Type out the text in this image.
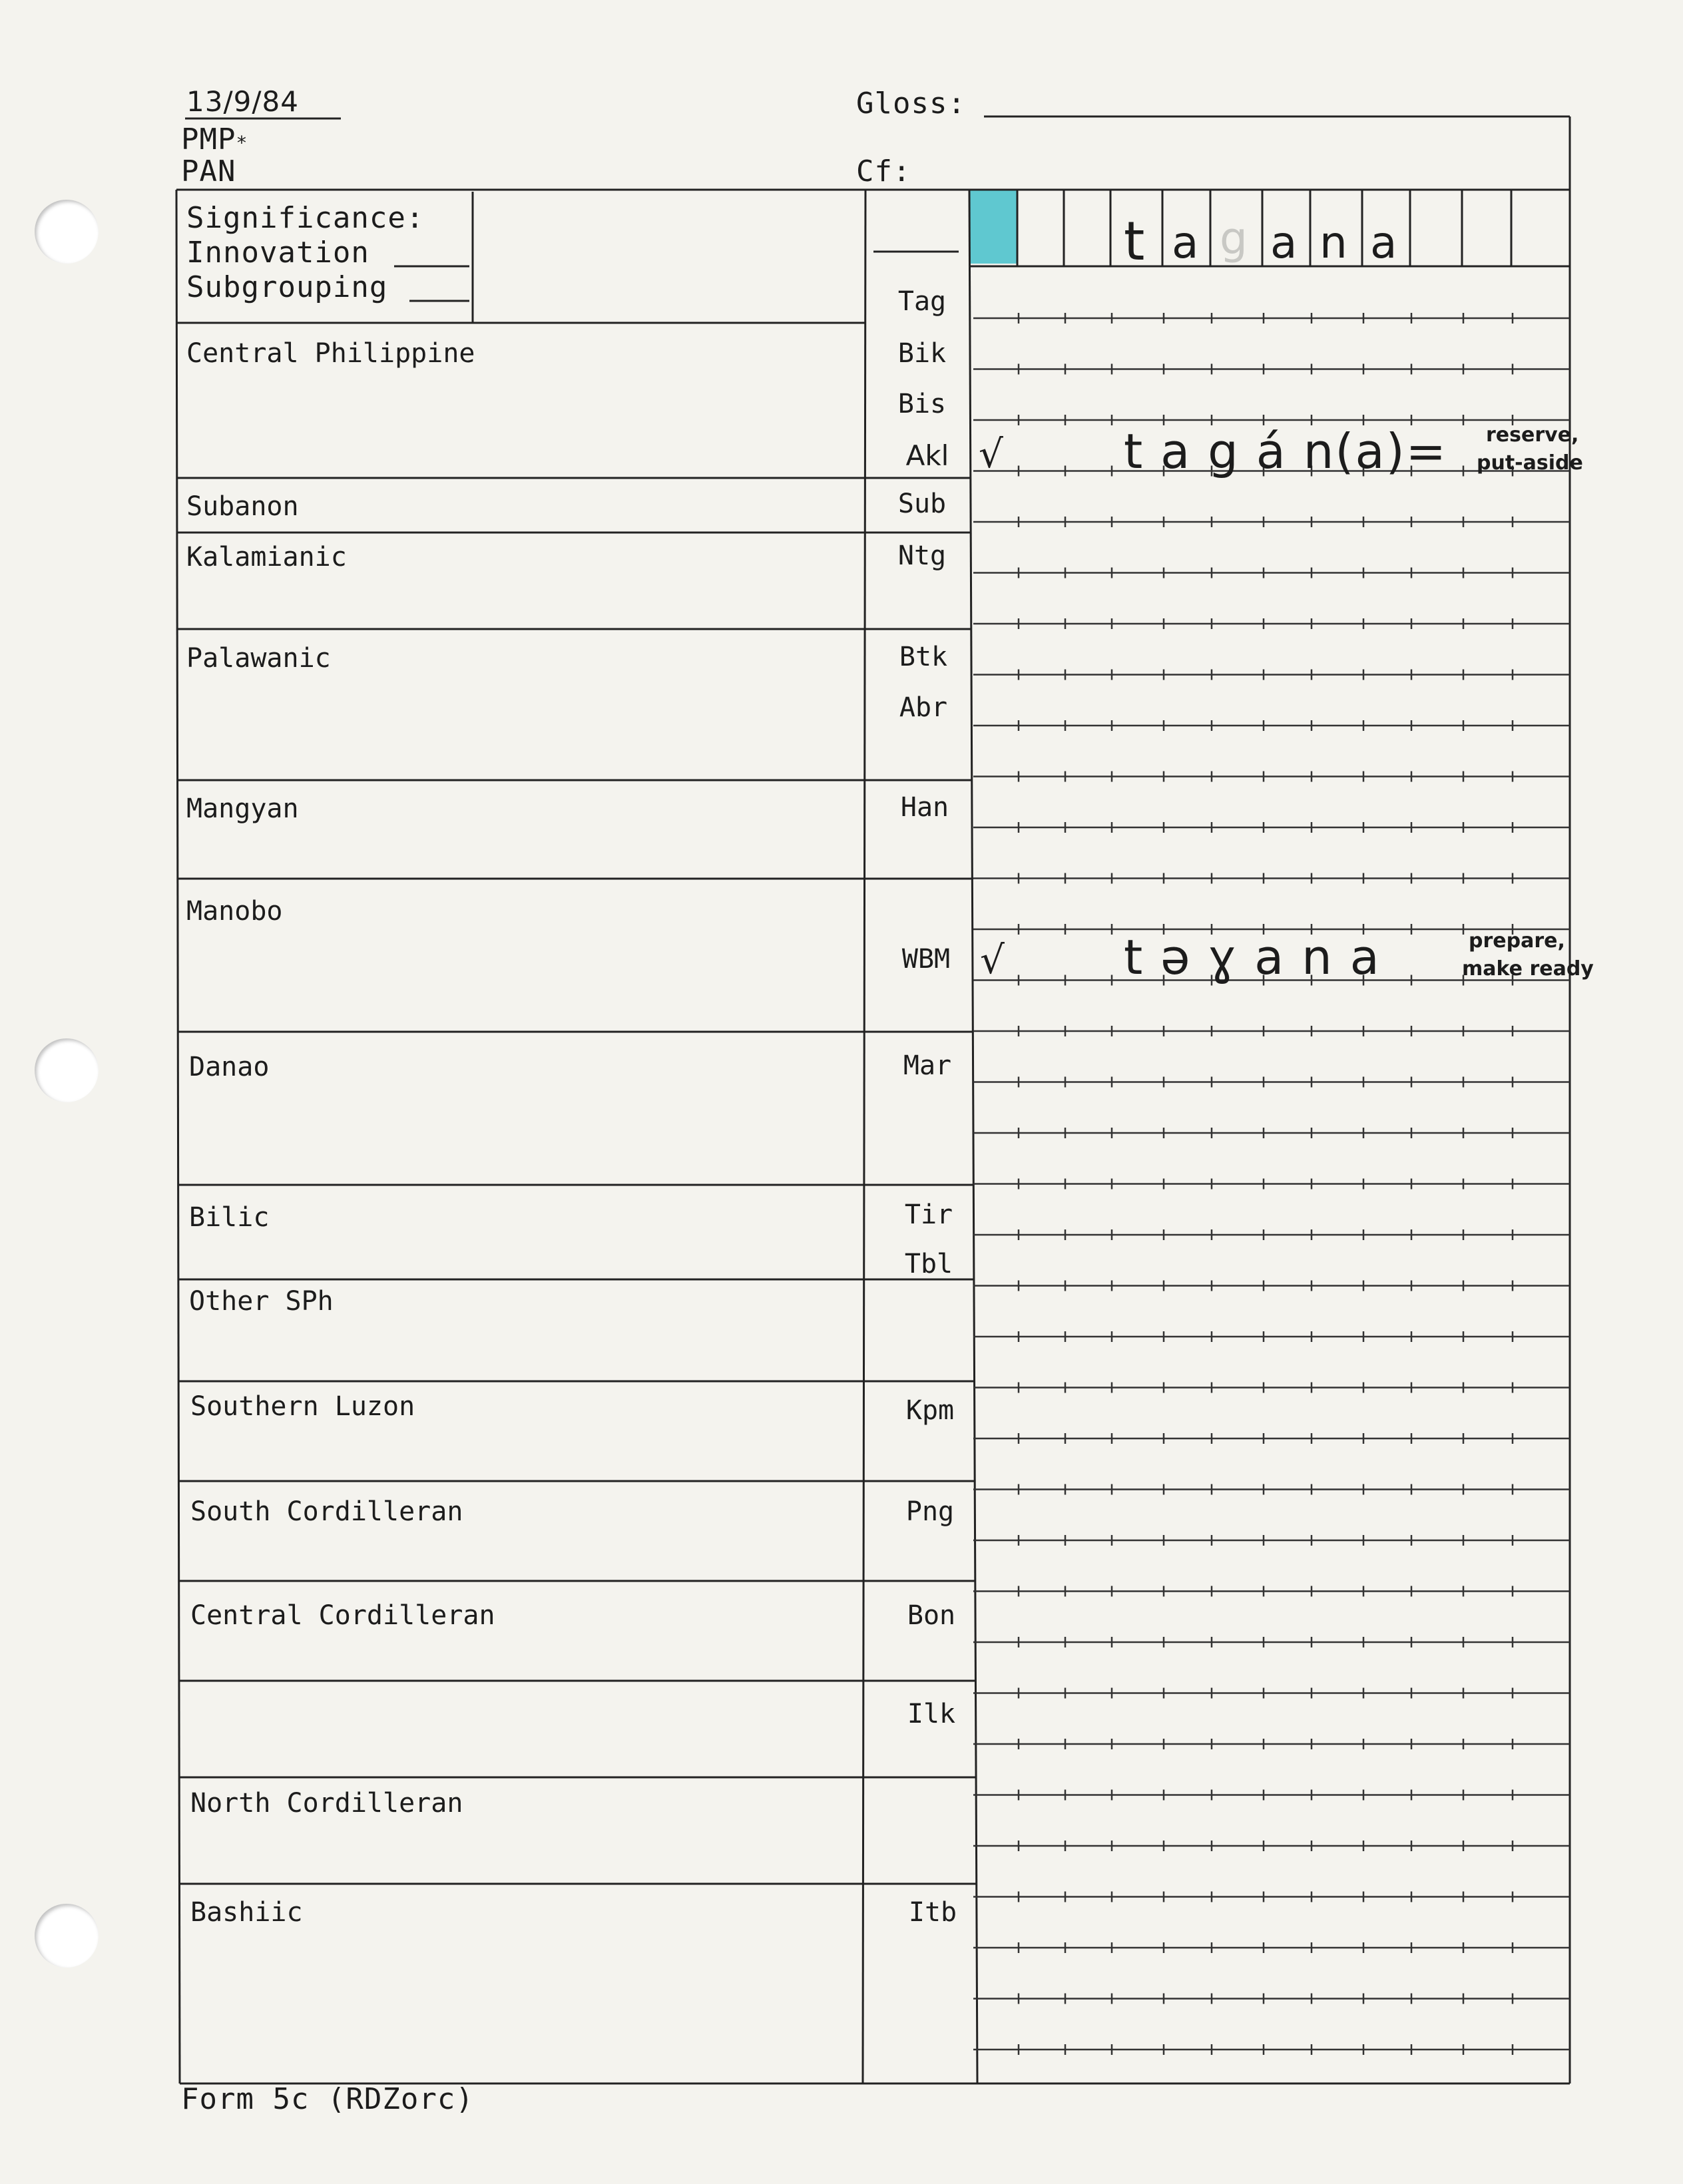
13/9/84
PMP*
PAN
Gloss:
Cf:
Significance:
Innovation
Subgrouping
t a g a n a
Central Philippine
Subanon
Kalamianic
Palawanic
Mangyan
Manobo
Danao
Bilic
Other SPh
Southern Luzon
South Cordilleran
Central Cordilleran
North Cordilleran
Bashiic
Tag
Bik
Bis
Akl
Sub
Ntg
Btk
Abr
Han
WBM
Mar
Tir
Tbl
Kpm
Png
Bon
Ilk
Itb
√	t a g á n(a)= reserve,
put-aside
√ t ə ɣ a n a	prepare,
make ready
Form 5c (RDZorc)
